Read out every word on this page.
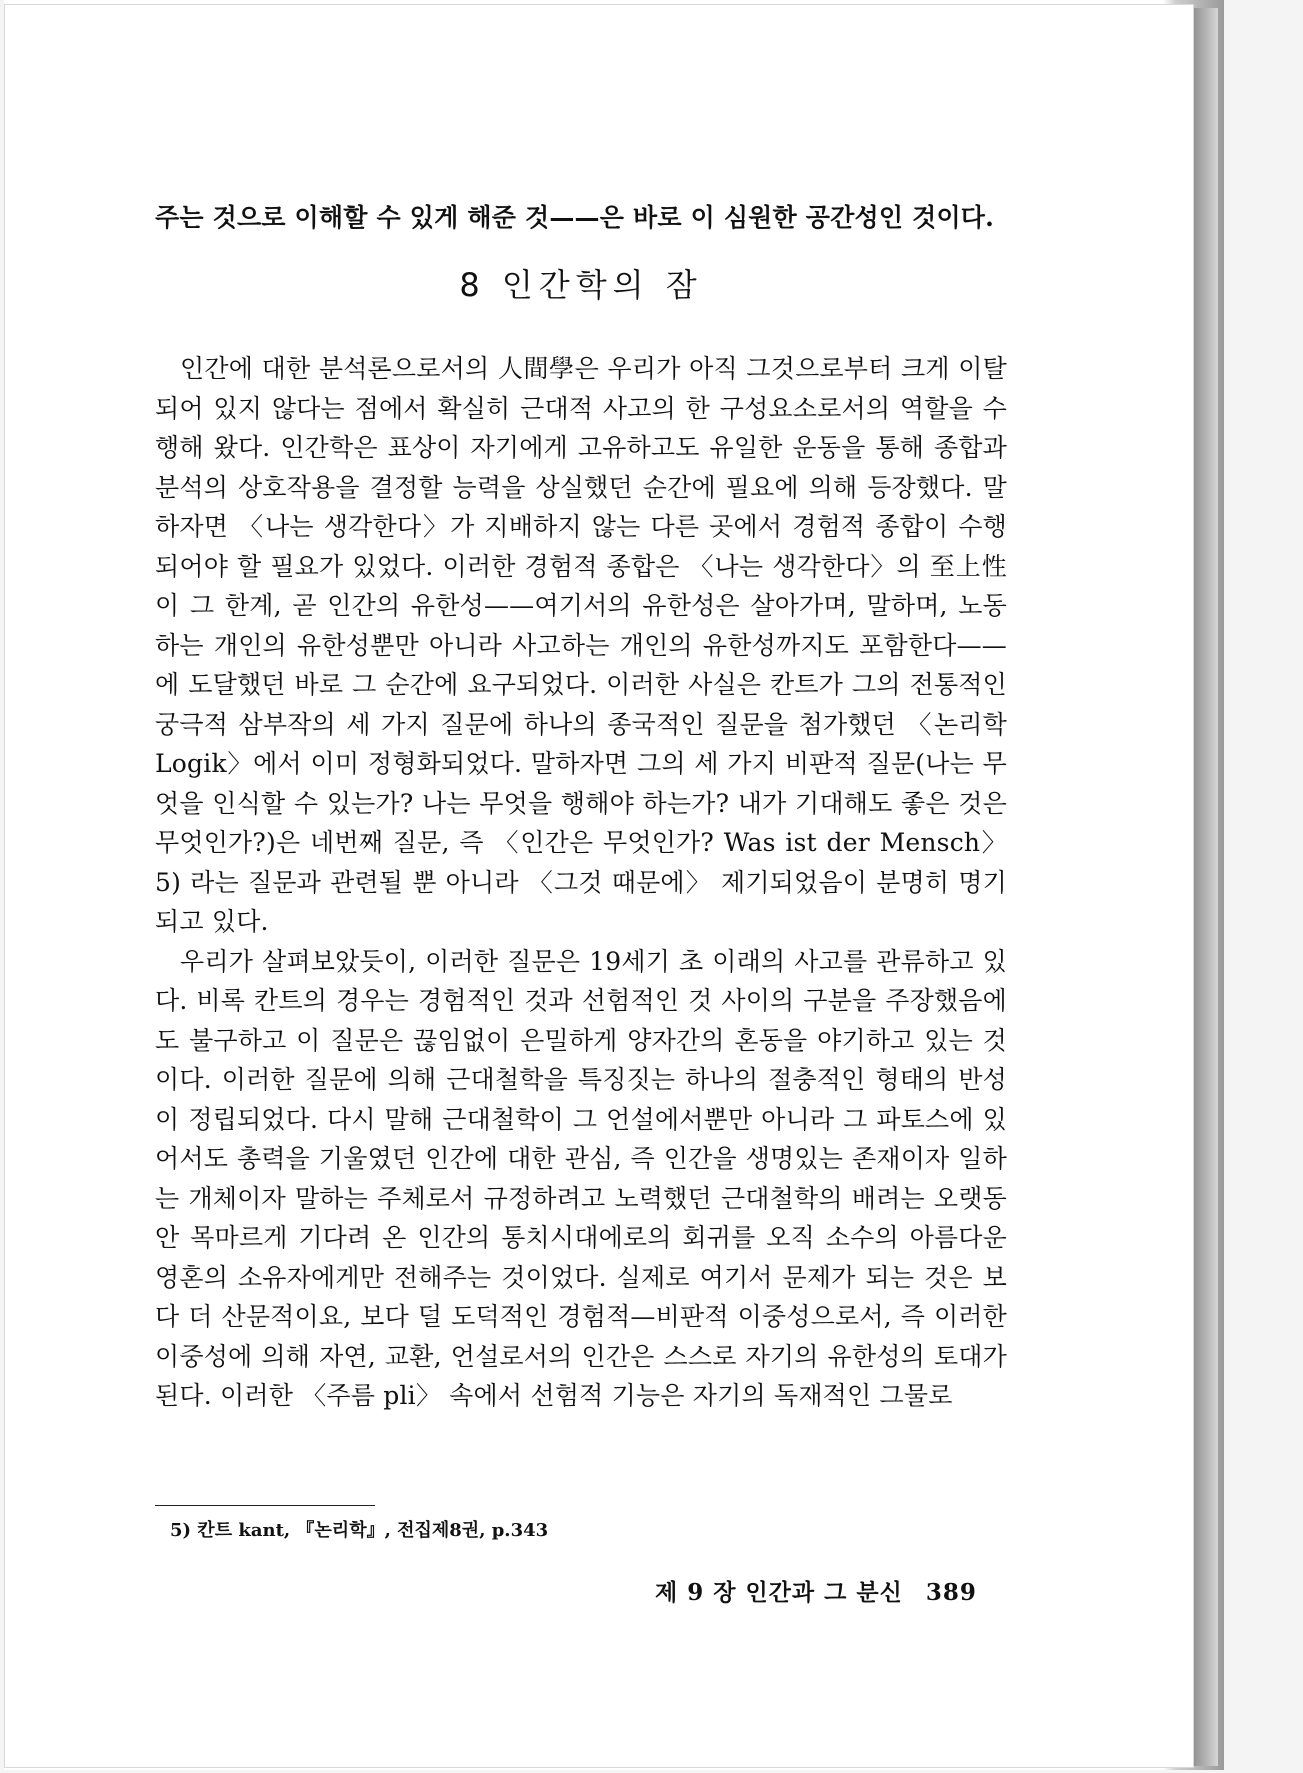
주는 것으로 이해할 수 있게 해준 것——은 바로 이 심원한 공간성인 것이다.

8 인간학의 잠

인간에 대한 분석론으로서의 人間學은 우리가 아직 그것으로부터 크게 이탈되어 있지 않다는 점에서 확실히 근대적 사고의 한 구성요소로서의 역할을 수행해 왔다. 인간학은 표상이 자기에게 고유하고도 유일한 운동을 통해 종합과 분석의 상호작용을 결정할 능력을 상실했던 순간에 필요에 의해 등장했다. 말하자면 〈나는 생각한다〉가 지배하지 않는 다른 곳에서 경험적 종합이 수행되어야 할 필요가 있었다. 이러한 경험적 종합은 〈나는 생각한다〉의 至上性이 그 한계, 곧 인간의 유한성——여기서의 유한성은 살아가며, 말하며, 노동하는 개인의 유한성뿐만 아니라 사고하는 개인의 유한성까지도 포함한다——에 도달했던 바로 그 순간에 요구되었다. 이러한 사실은 칸트가 그의 전통적인 궁극적 삼부작의 세 가지 질문에 하나의 종국적인 질문을 첨가했던 〈논리학 Logik〉에서 이미 정형화되었다. 말하자면 그의 세 가지 비판적 질문(나는 무엇을 인식할 수 있는가? 나는 무엇을 행해야 하는가? 내가 기대해도 좋은 것은 무엇인가?)은 네번째 질문, 즉 〈인간은 무엇인가? Was ist der Mensch〉5) 라는 질문과 관련될 뿐 아니라 〈그것 때문에〉 제기되었음이 분명히 명기되고 있다.

우리가 살펴보았듯이, 이러한 질문은 19세기 초 이래의 사고를 관류하고 있다. 비록 칸트의 경우는 경험적인 것과 선험적인 것 사이의 구분을 주장했음에도 불구하고 이 질문은 끊임없이 은밀하게 양자간의 혼동을 야기하고 있는 것이다. 이러한 질문에 의해 근대철학을 특징짓는 하나의 절충적인 형태의 반성이 정립되었다. 다시 말해 근대철학이 그 언설에서뿐만 아니라 그 파토스에 있어서도 총력을 기울였던 인간에 대한 관심, 즉 인간을 생명있는 존재이자 일하는 개체이자 말하는 주체로서 규정하려고 노력했던 근대철학의 배려는 오랫동안 목마르게 기다려 온 인간의 통치시대에로의 회귀를 오직 소수의 아름다운 영혼의 소유자에게만 전해주는 것이었다. 실제로 여기서 문제가 되는 것은 보다 더 산문적이요, 보다 덜 도덕적인 경험적—비판적 이중성으로서, 즉 이러한 이중성에 의해 자연, 교환, 언설로서의 인간은 스스로 자기의 유한성의 토대가 된다. 이러한 〈주름 pli〉 속에서 선험적 기능은 자기의 독재적인 그물로

5) 칸트 kant, 『논리학』, 전집제8권, p.343
제 9 장 인간과 그 분신 389
